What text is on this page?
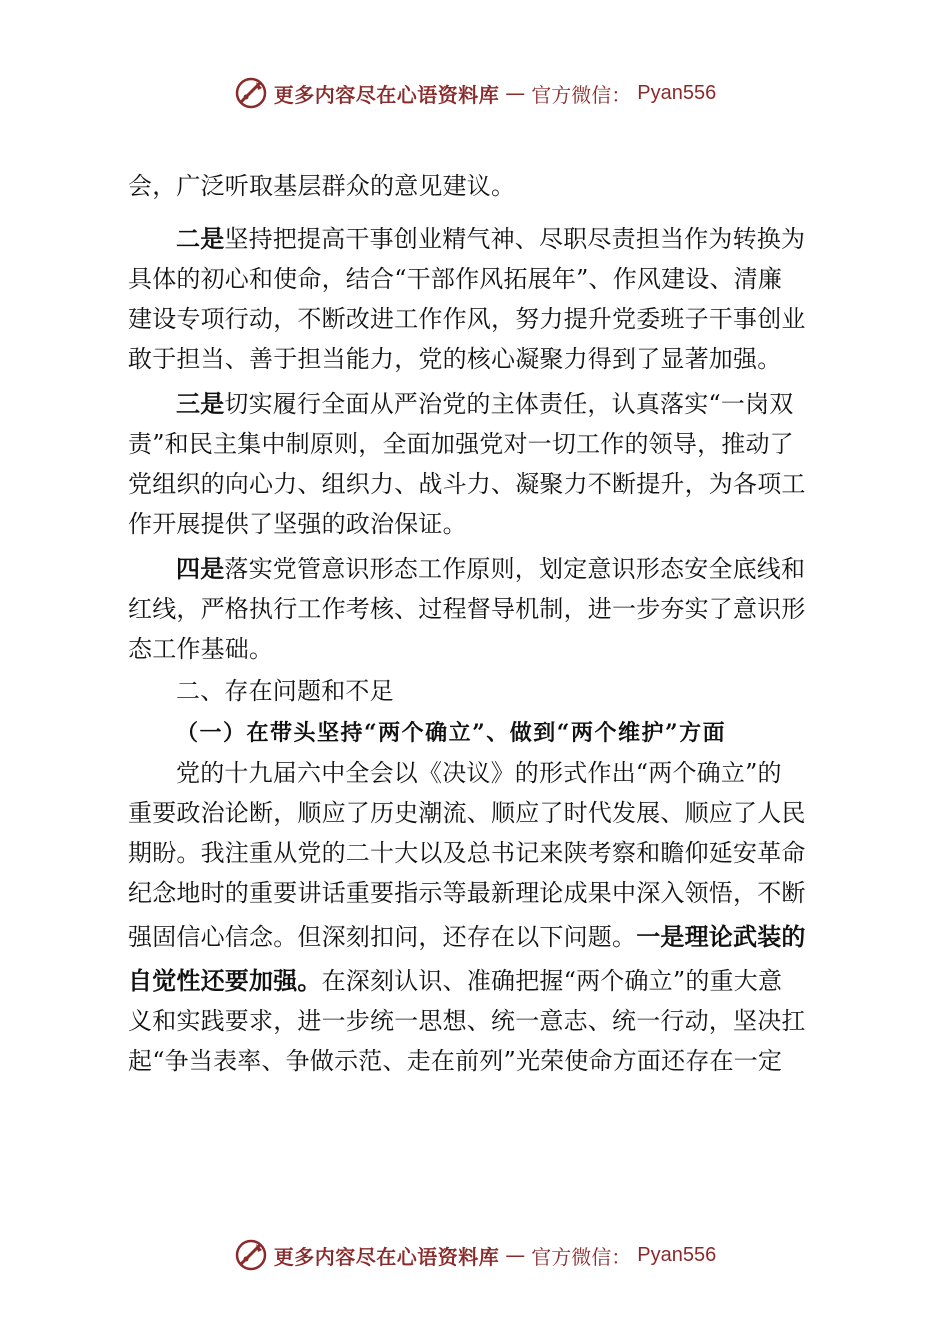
更多内容尽在心语资料库 — 官方微信： Pyan556
会，广泛听取基层群众的意见建议。
二是坚持把提高干事创业精气神、尽职尽责担当作为转换为
具体的初心和使命，结合“干部作风拓展年”、作风建设、清廉
建设专项行动，不断改进工作作风，努力提升党委班子干事创业
敢于担当、善于担当能力，党的核心凝聚力得到了显著加强。
三是切实履行全面从严治党的主体责任，认真落实“一岗双
责”和民主集中制原则，全面加强党对一切工作的领导，推动了
党组织的向心力、组织力、战斗力、凝聚力不断提升，为各项工
作开展提供了坚强的政治保证。
四是落实党管意识形态工作原则，划定意识形态安全底线和
红线，严格执行工作考核、过程督导机制，进一步夯实了意识形
态工作基础。
二、存在问题和不足
（一）在带头坚持“两个确立”、做到“两个维护”方面
党的十九届六中全会以《决议》的形式作出“两个确立”的
重要政治论断，顺应了历史潮流、顺应了时代发展、顺应了人民
期盼。我注重从党的二十大以及总书记来陕考察和瞻仰延安革命
纪念地时的重要讲话重要指示等最新理论成果中深入领悟，不断
强固信心信念。但深刻扣问，还存在以下问题。一是理论武装的
自觉性还要加强。在深刻认识、准确把握“两个确立”的重大意
义和实践要求，进一步统一思想、统一意志、统一行动，坚决扛
起“争当表率、争做示范、走在前列”光荣使命方面还存在一定
更多内容尽在心语资料库 — 官方微信： Pyan556
